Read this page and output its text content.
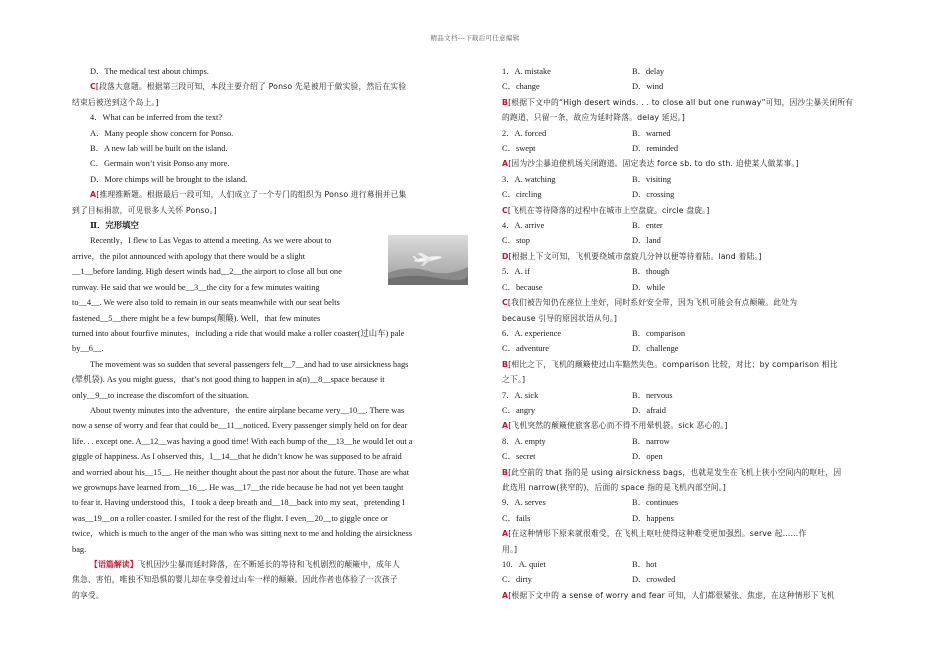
精品文档---下载后可任意编辑
D．The medical test about chimps.
C[段落大意题。根据第三段可知，本段主要介绍了 Ponso 先是被用于做实验，然后在实验
结束后被送到这个岛上。]
4．What can be inferred from the text?
A．Many people show concern for Ponso.
B．A new lab will be built on the island.
C．Germain won’t visit Ponso any more.
D．More chimps will be brought to the island.
A[推理推断题。根据最后一段可知，人们成立了一个专门的组织为 Ponso 进行募捐并已集
到了目标捐款，可见很多人关怀 Ponso。]
Ⅱ．完形填空
Recently，I flew to Las Vegas to attend a meeting. As we were about to
arrive，the pilot announced with apology that there would be a slight
__1__before landing. High desert winds had__2__the airport to close all but one
runway. He said that we would be__3__the city for a few minutes waiting
to__4__. We were also told to remain in our seats meanwhile with our seat belts
fastened__5__there might be a few bumps(颠簸). Well，that few minutes
turned into about fourfive minutes，including a ride that would make a roller coaster(过山车) pale
by__6__.
The movement was so sudden that several passengers felt__7__and had to use airsickness bags
(晕机袋). As you might guess，that’s not good thing to happen in a(n)__8__space because it
only__9__to increase the discomfort of the situation.
About twenty minutes into the adventure，the entire airplane became very__10__. There was
now a sense of worry and fear that could be__11__noticed. Every passenger simply held on for dear
life. . . except one. A__12__was having a good time! With each bump of the__13__he would let out a
giggle of happiness. As I observed this，I__14__that he didn’t know he was supposed to be afraid
and worried about his__15__. He neither thought about the past nor about the future. Those are what
we grownups have learned from__16__. He was__17__the ride because he had not yet been taught
to fear it. Having understood this，I took a deep breath and__18__back into my seat，pretending I
was__19__on a roller coaster. I smiled for the rest of the flight. I even__20__to giggle once or
twice，which is much to the anger of the man who was sitting next to me and holding the airsickness
bag.
【语篇解读】飞机因沙尘暴而延时降落，在不断延长的等待和飞机剧烈的颠簸中，成年人
焦急、害怕，唯独不知恐惧的婴儿却在享受着过山车一样的颠簸。因此作者也体验了一次孩子
的享受。
1．A. mistake	B．delay
C．change	D．wind
B[根据下文中的“High desert winds. . . to close all but one runway”可知，因沙尘暴关闭所有
的跑道，只留一条，故应为延时降落。delay 延迟。]
2．A. forced	B．warned
C．swept	D．reminded
A[因为沙尘暴迫使机场关闭跑道。固定表达 force sb. to do sth. 迫使某人做某事。]
3．A. watching	B．visiting
C．circling	D．crossing
C[飞机在等待降落的过程中在城市上空盘旋。circle 盘旋。]
4．A. arrive	B．enter
C．stop	D．land
D[根据上下文可知，飞机要绕城市盘旋几分钟以便等待着陆。land 着陆。]
5．A. if	B．though
C．because	D．while
C[我们被告知仍在座位上坐好，同时系好安全带，因为飞机可能会有点颠簸。此处为
because 引导的原因状语从句。]
6．A. experience	B．comparison
C．adventure	D．challenge
B[相比之下，飞机的颠簸使过山车黯然失色。comparison 比较，对比；by comparison 相比
之下。]
7．A. sick	B．nervous
C．angry	D．afraid
A[飞机突然的颠簸使旅客恶心而不得不用晕机袋。sick 恶心的。]
8．A. empty	B．narrow
C．secret	D．open
B[此空前的 that 指的是 using airsickness bags，也就是发生在飞机上狭小空间内的呕吐，因
此选用 narrow(狭窄的)，后面的 space 指的是飞机内部空间。]
9．A. serves	B．continues
C．fails	D．happens
A[在这种情形下原来就很难受，在飞机上呕吐使得这种难受更加强烈。serve 起……作
用。]
10．A. quiet	B．hot
C．dirty	D．crowded
A[根据下文中的 a sense of worry and fear 可知，人们都很紧张、焦虑，在这种情形下飞机
